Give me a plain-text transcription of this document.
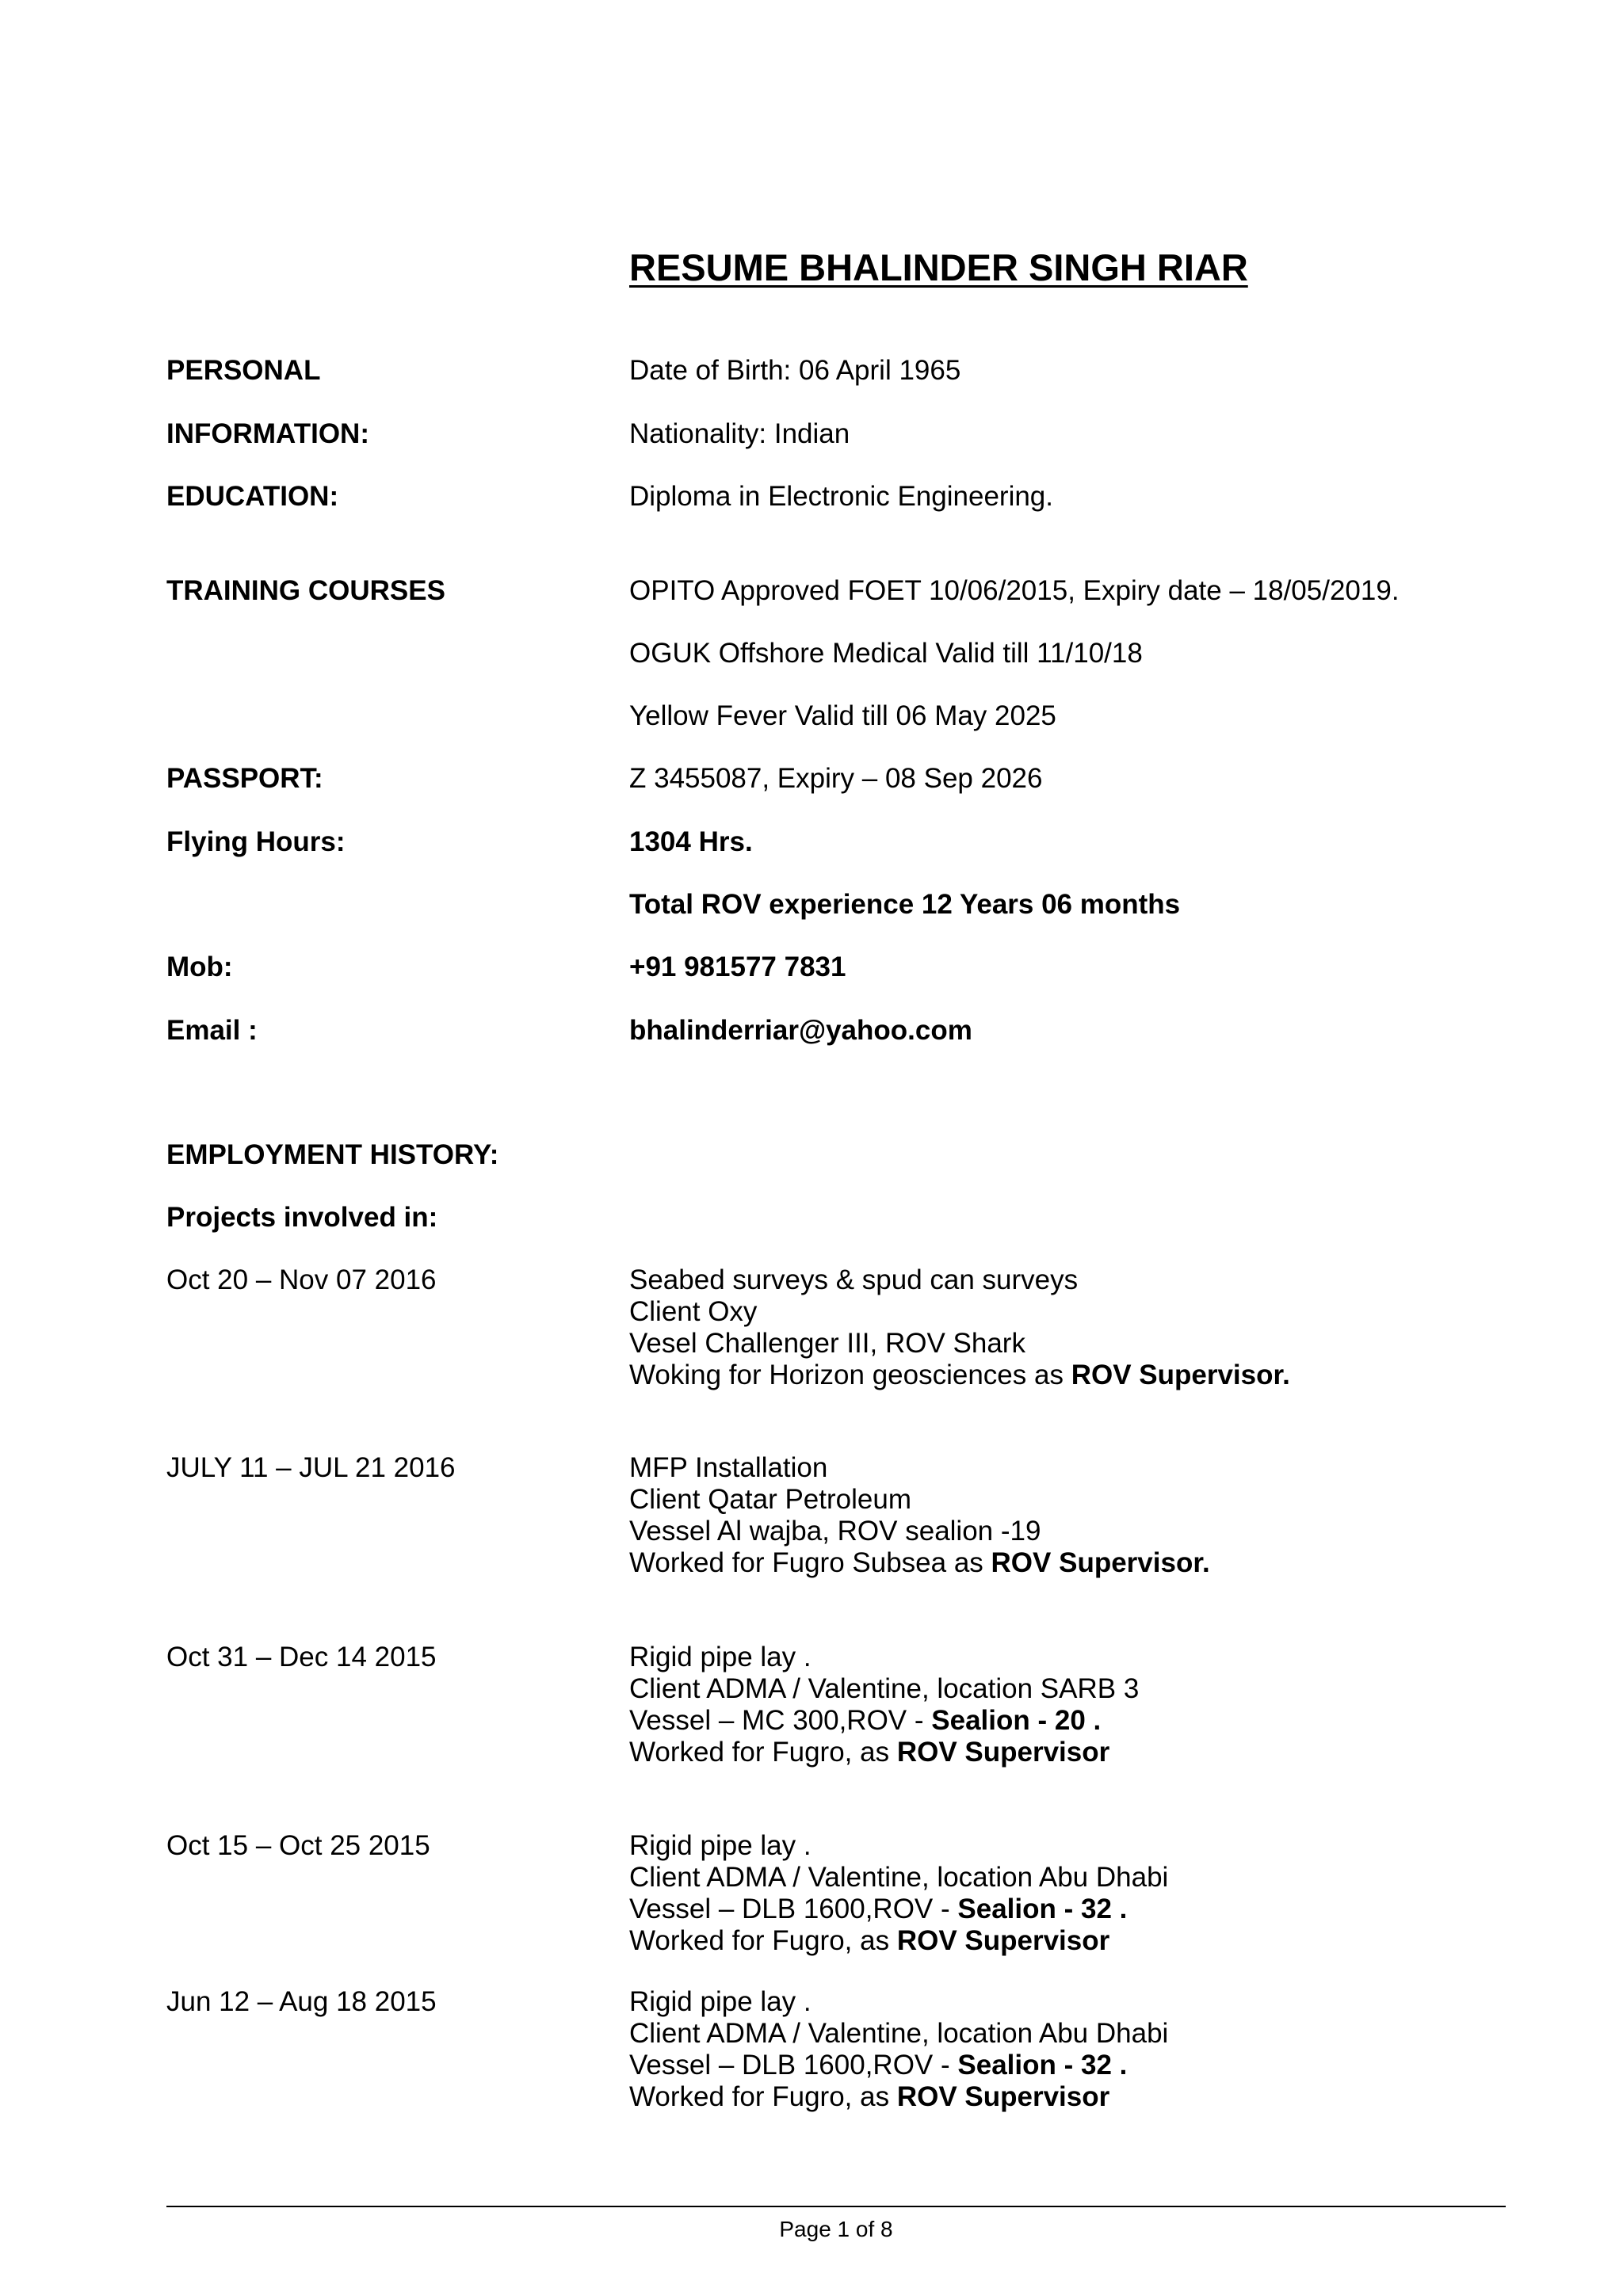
RESUME BHALINDER SINGH RIAR
PERSONAL	Date of Birth: 06 April 1965
INFORMATION:	Nationality: Indian
EDUCATION:	Diploma in Electronic Engineering.
TRAINING COURSES	OPITO Approved FOET 10/06/2015, Expiry date – 18/05/2019.
OGUK Offshore Medical Valid till 11/10/18
Yellow Fever Valid till 06 May 2025
PASSPORT:	Z 3455087, Expiry – 08 Sep 2026
Flying Hours:	1304 Hrs.
Total ROV experience 12 Years 06 months
Mob:	+91 981577 7831
Email :	bhalinderriar@yahoo.com
EMPLOYMENT HISTORY:
Projects involved in:
Oct 20 – Nov 07 2016	Seabed surveys & spud can surveys
Client Oxy
Vesel Challenger III, ROV Shark
Woking for Horizon geosciences as ROV Supervisor.
JULY 11 – JUL 21 2016	MFP Installation
Client Qatar Petroleum
Vessel Al wajba, ROV sealion -19
Worked for Fugro Subsea as ROV Supervisor.
Oct 31 – Dec 14 2015	Rigid pipe lay .
Client ADMA / Valentine, location SARB 3
Vessel – MC 300,ROV - Sealion - 20 .
Worked for Fugro, as ROV Supervisor
Oct 15 – Oct 25 2015	Rigid pipe lay .
Client ADMA / Valentine, location Abu Dhabi
Vessel – DLB 1600,ROV - Sealion - 32 .
Worked for Fugro, as ROV Supervisor
Jun 12 – Aug 18 2015	Rigid pipe lay .
Client ADMA / Valentine, location Abu Dhabi
Vessel – DLB 1600,ROV - Sealion - 32 .
Worked for Fugro, as ROV Supervisor
Page 1 of 8
